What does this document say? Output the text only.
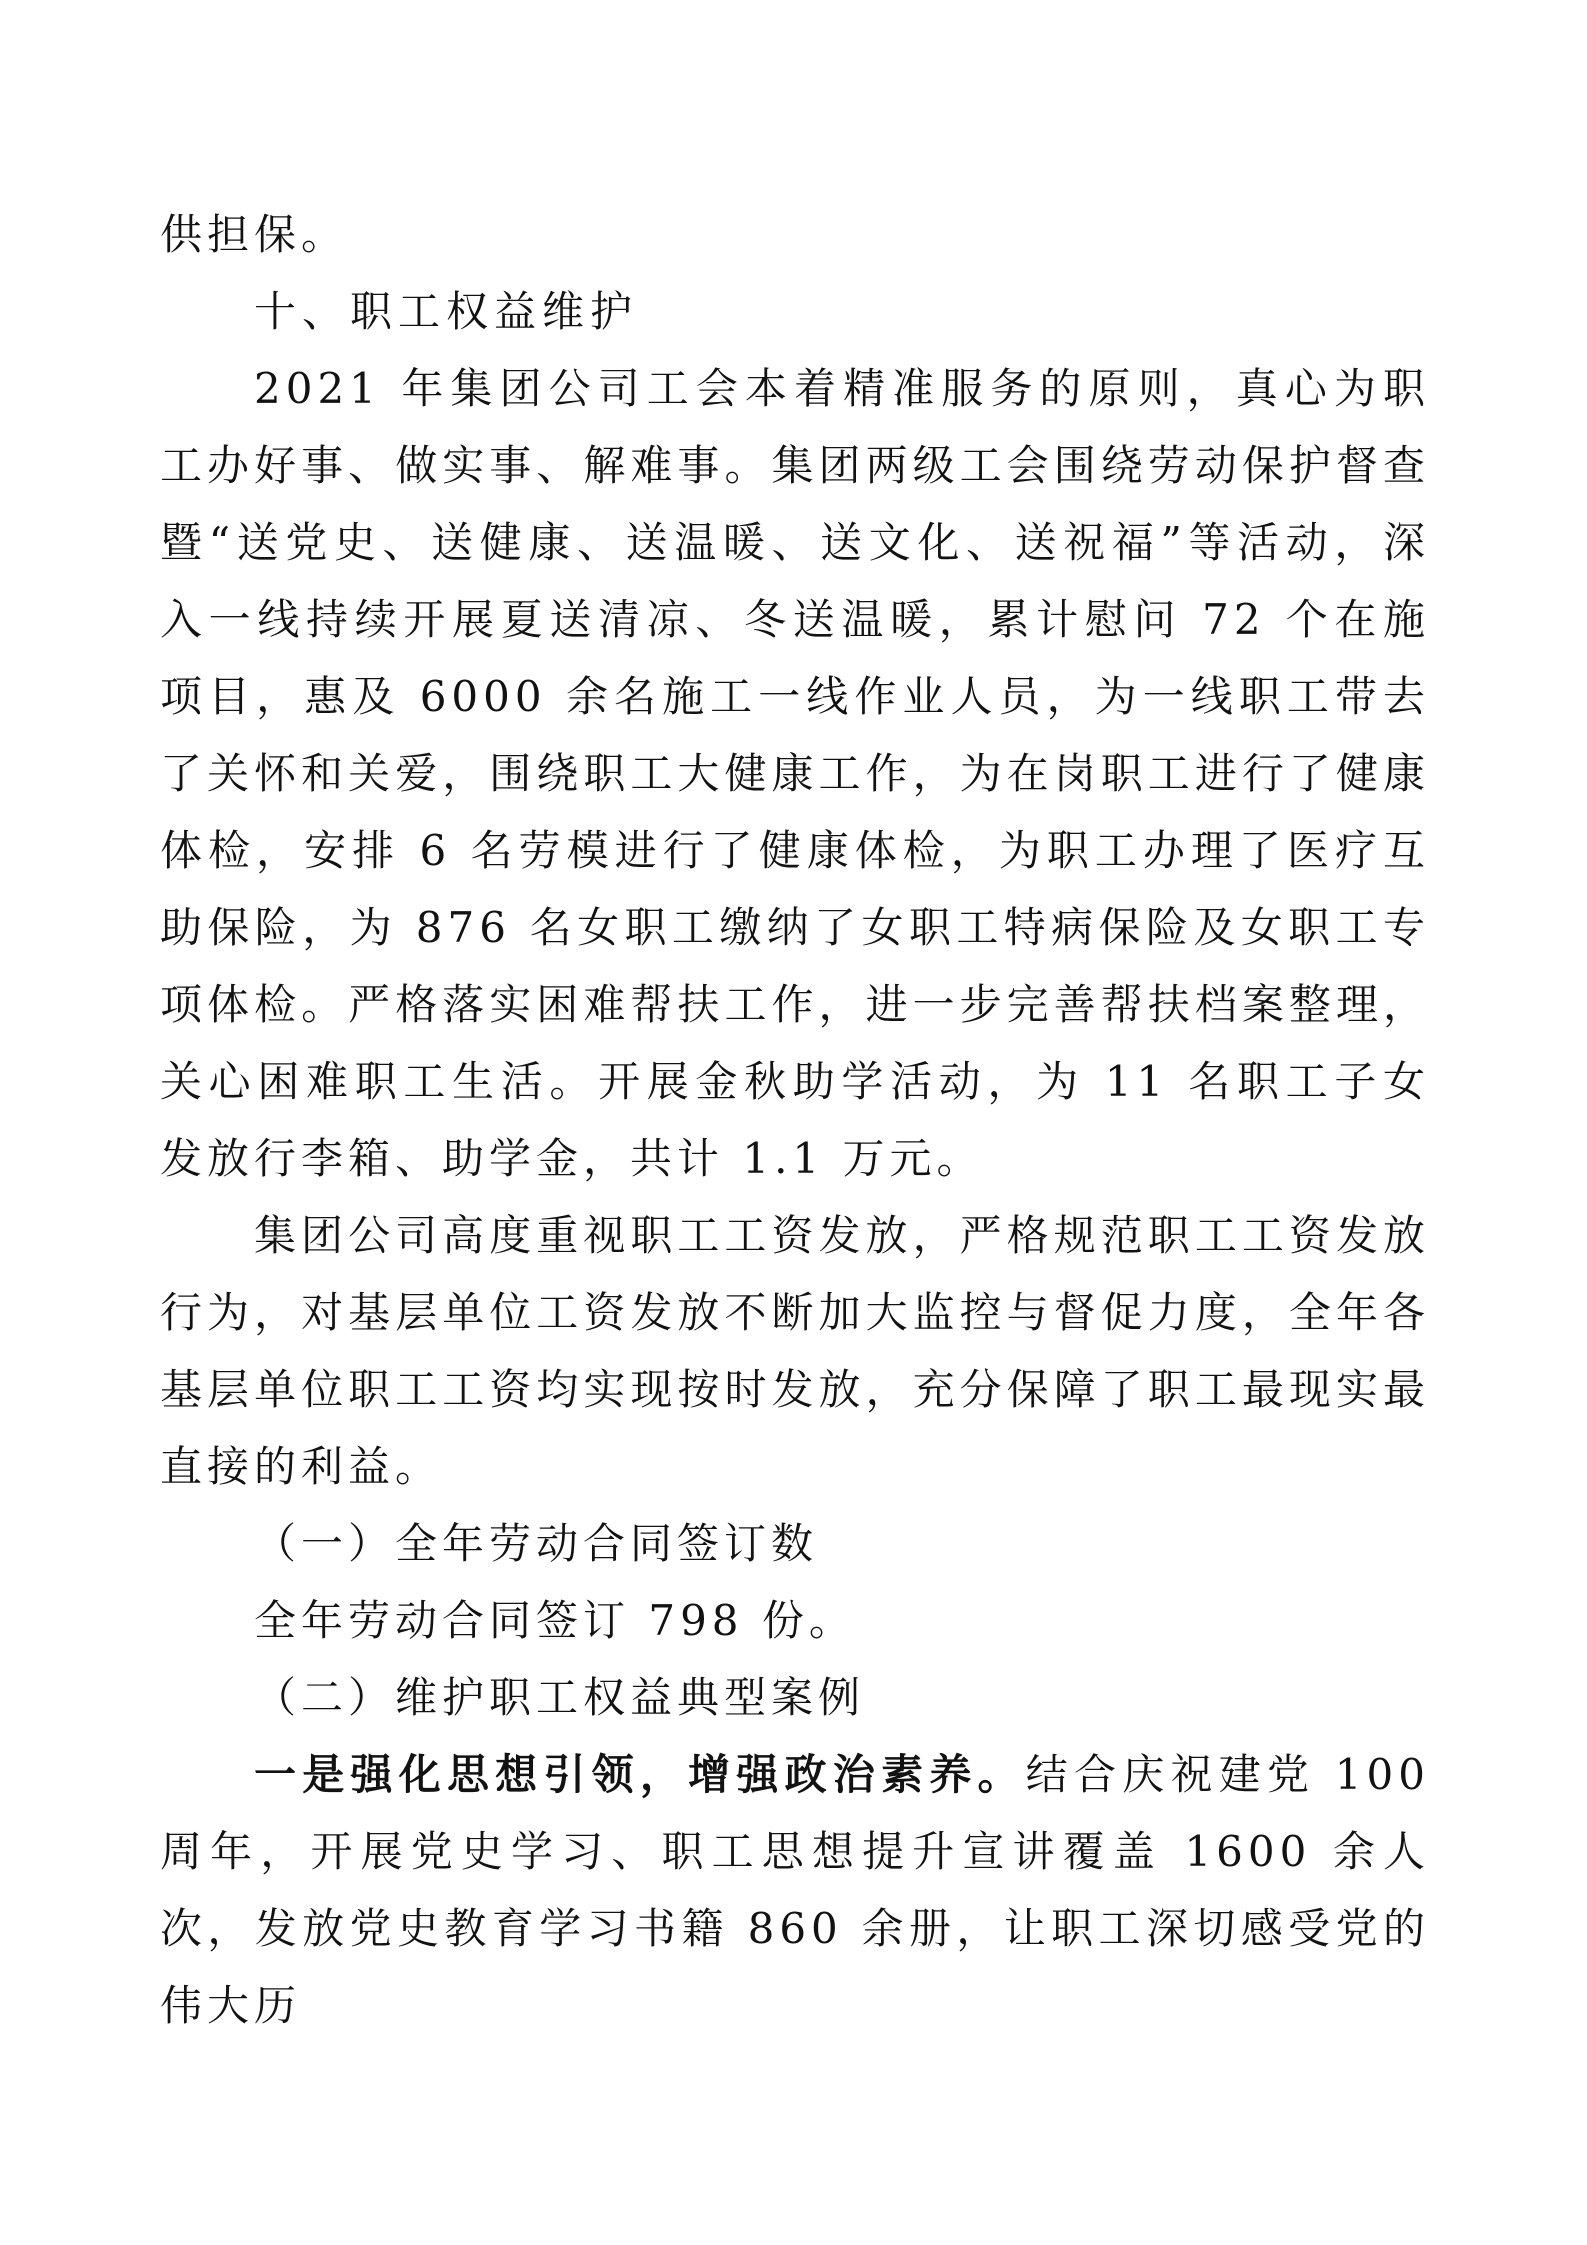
供担保。

十、职工权益维护

2021 年集团公司工会本着精准服务的原则，真心为职工办好事、做实事、解难事。集团两级工会围绕劳动保护督查暨“送党史、送健康、送温暖、送文化、送祝福”等活动，深入一线持续开展夏送清凉、冬送温暖，累计慰问 72 个在施项目，惠及 6000 余名施工一线作业人员，为一线职工带去了关怀和关爱，围绕职工大健康工作，为在岗职工进行了健康体检，安排 6 名劳模进行了健康体检，为职工办理了医疗互助保险，为 876 名女职工缴纳了女职工特病保险及女职工专项体检。严格落实困难帮扶工作，进一步完善帮扶档案整理，关心困难职工生活。开展金秋助学活动，为 11 名职工子女发放行李箱、助学金，共计 1.1 万元。

集团公司高度重视职工工资发放，严格规范职工工资发放行为，对基层单位工资发放不断加大监控与督促力度，全年各基层单位职工工资均实现按时发放，充分保障了职工最现实最直接的利益。

（一）全年劳动合同签订数

全年劳动合同签订 798 份。

（二）维护职工权益典型案例

一是强化思想引领，增强政治素养。结合庆祝建党 100 周年，开展党史学习、职工思想提升宣讲覆盖 1600 余人次，发放党史教育学习书籍 860 余册，让职工深切感受党的伟大历
